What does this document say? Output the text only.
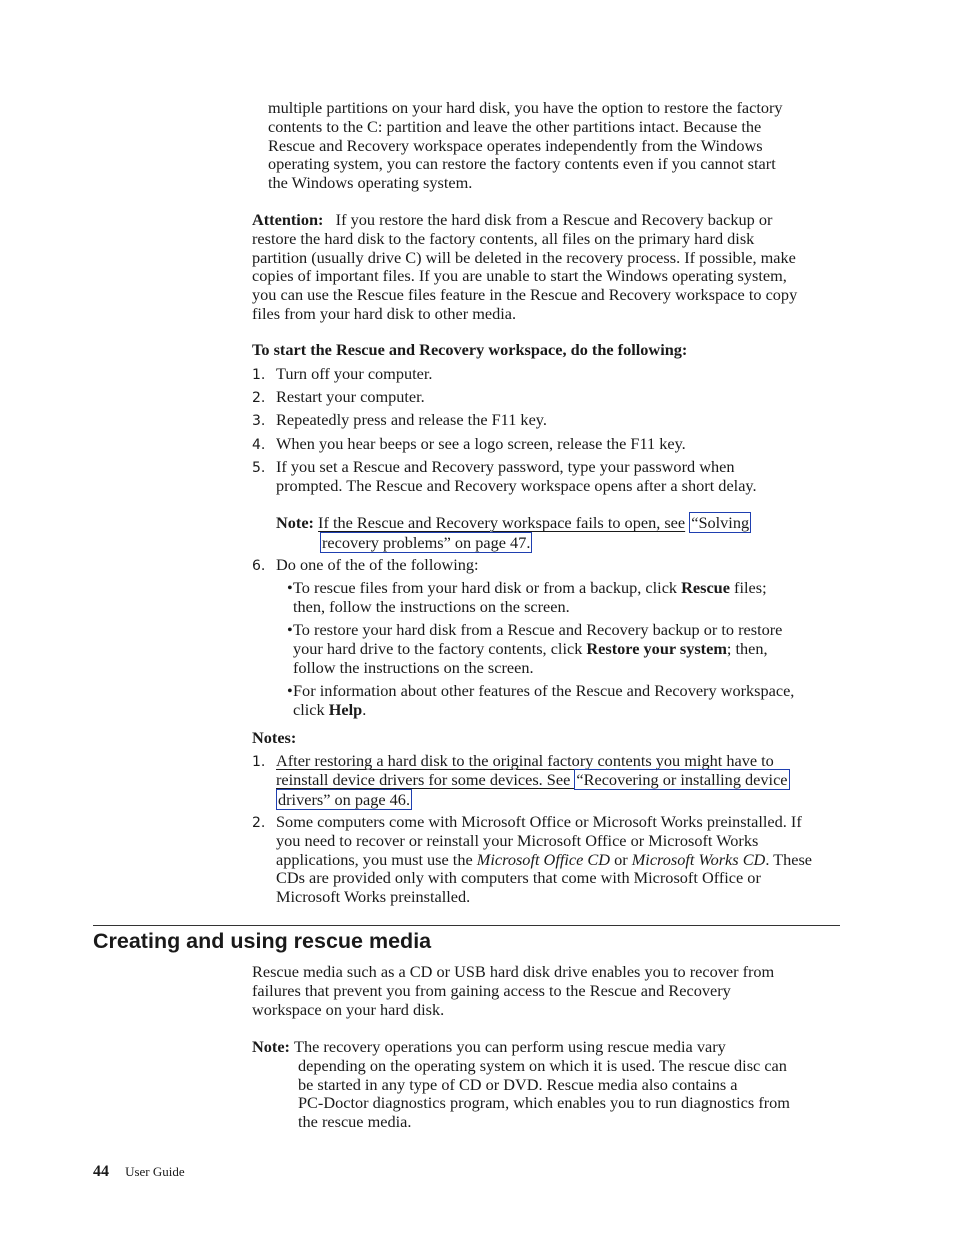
multiple partitions on your hard disk, you have the option to restore the factory

contents to the C: partition and leave the other partitions intact. Because the

Rescue and Recovery workspace operates independently from the Windows

operating system, you can restore the factory contents even if you cannot start

the Windows operating system.

Attention: If you restore the hard disk from a Rescue and Recovery backup or

restore the hard disk to the factory contents, all files on the primary hard disk

partition (usually drive C) will be deleted in the recovery process. If possible, make

copies of important files. If you are unable to start the Windows operating system,

you can use the Rescue files feature in the Rescue and Recovery workspace to copy

files from your hard disk to other media.

To start the Rescue and Recovery workspace, do the following:

1. Turn off your computer.

2. Restart your computer.

3. Repeatedly press and release the F11 key.

4. When you hear beeps or see a logo screen, release the F11 key.

5. If you set a Rescue and Recovery password, type your password when

prompted. The Rescue and Recovery workspace opens after a short delay.

Note: If the Rescue and Recovery workspace fails to open, see “Solving

recovery problems” on page 47.

6. Do one of the of the following:

• To rescue files from your hard disk or from a backup, click Rescue files;

then, follow the instructions on the screen.

• To restore your hard disk from a Rescue and Recovery backup or to restore

your hard drive to the factory contents, click Restore your system; then,

follow the instructions on the screen.

• For information about other features of the Rescue and Recovery workspace,

click Help.

Notes:

1. After restoring a hard disk to the original factory contents you might have to

reinstall device drivers for some devices. See “Recovering or installing device

drivers” on page 46.

2. Some computers come with Microsoft Office or Microsoft Works preinstalled. If

you need to recover or reinstall your Microsoft Office or Microsoft Works

applications, you must use the Microsoft Office CD or Microsoft Works CD. These

CDs are provided only with computers that come with Microsoft Office or

Microsoft Works preinstalled.

Creating and using rescue media

Rescue media such as a CD or USB hard disk drive enables you to recover from

failures that prevent you from gaining access to the Rescue and Recovery

workspace on your hard disk.

Note: The recovery operations you can perform using rescue media vary

depending on the operating system on which it is used. The rescue disc can

be started in any type of CD or DVD. Rescue media also contains a

PC-Doctor diagnostics program, which enables you to run diagnostics from

the rescue media.

44 User Guide
